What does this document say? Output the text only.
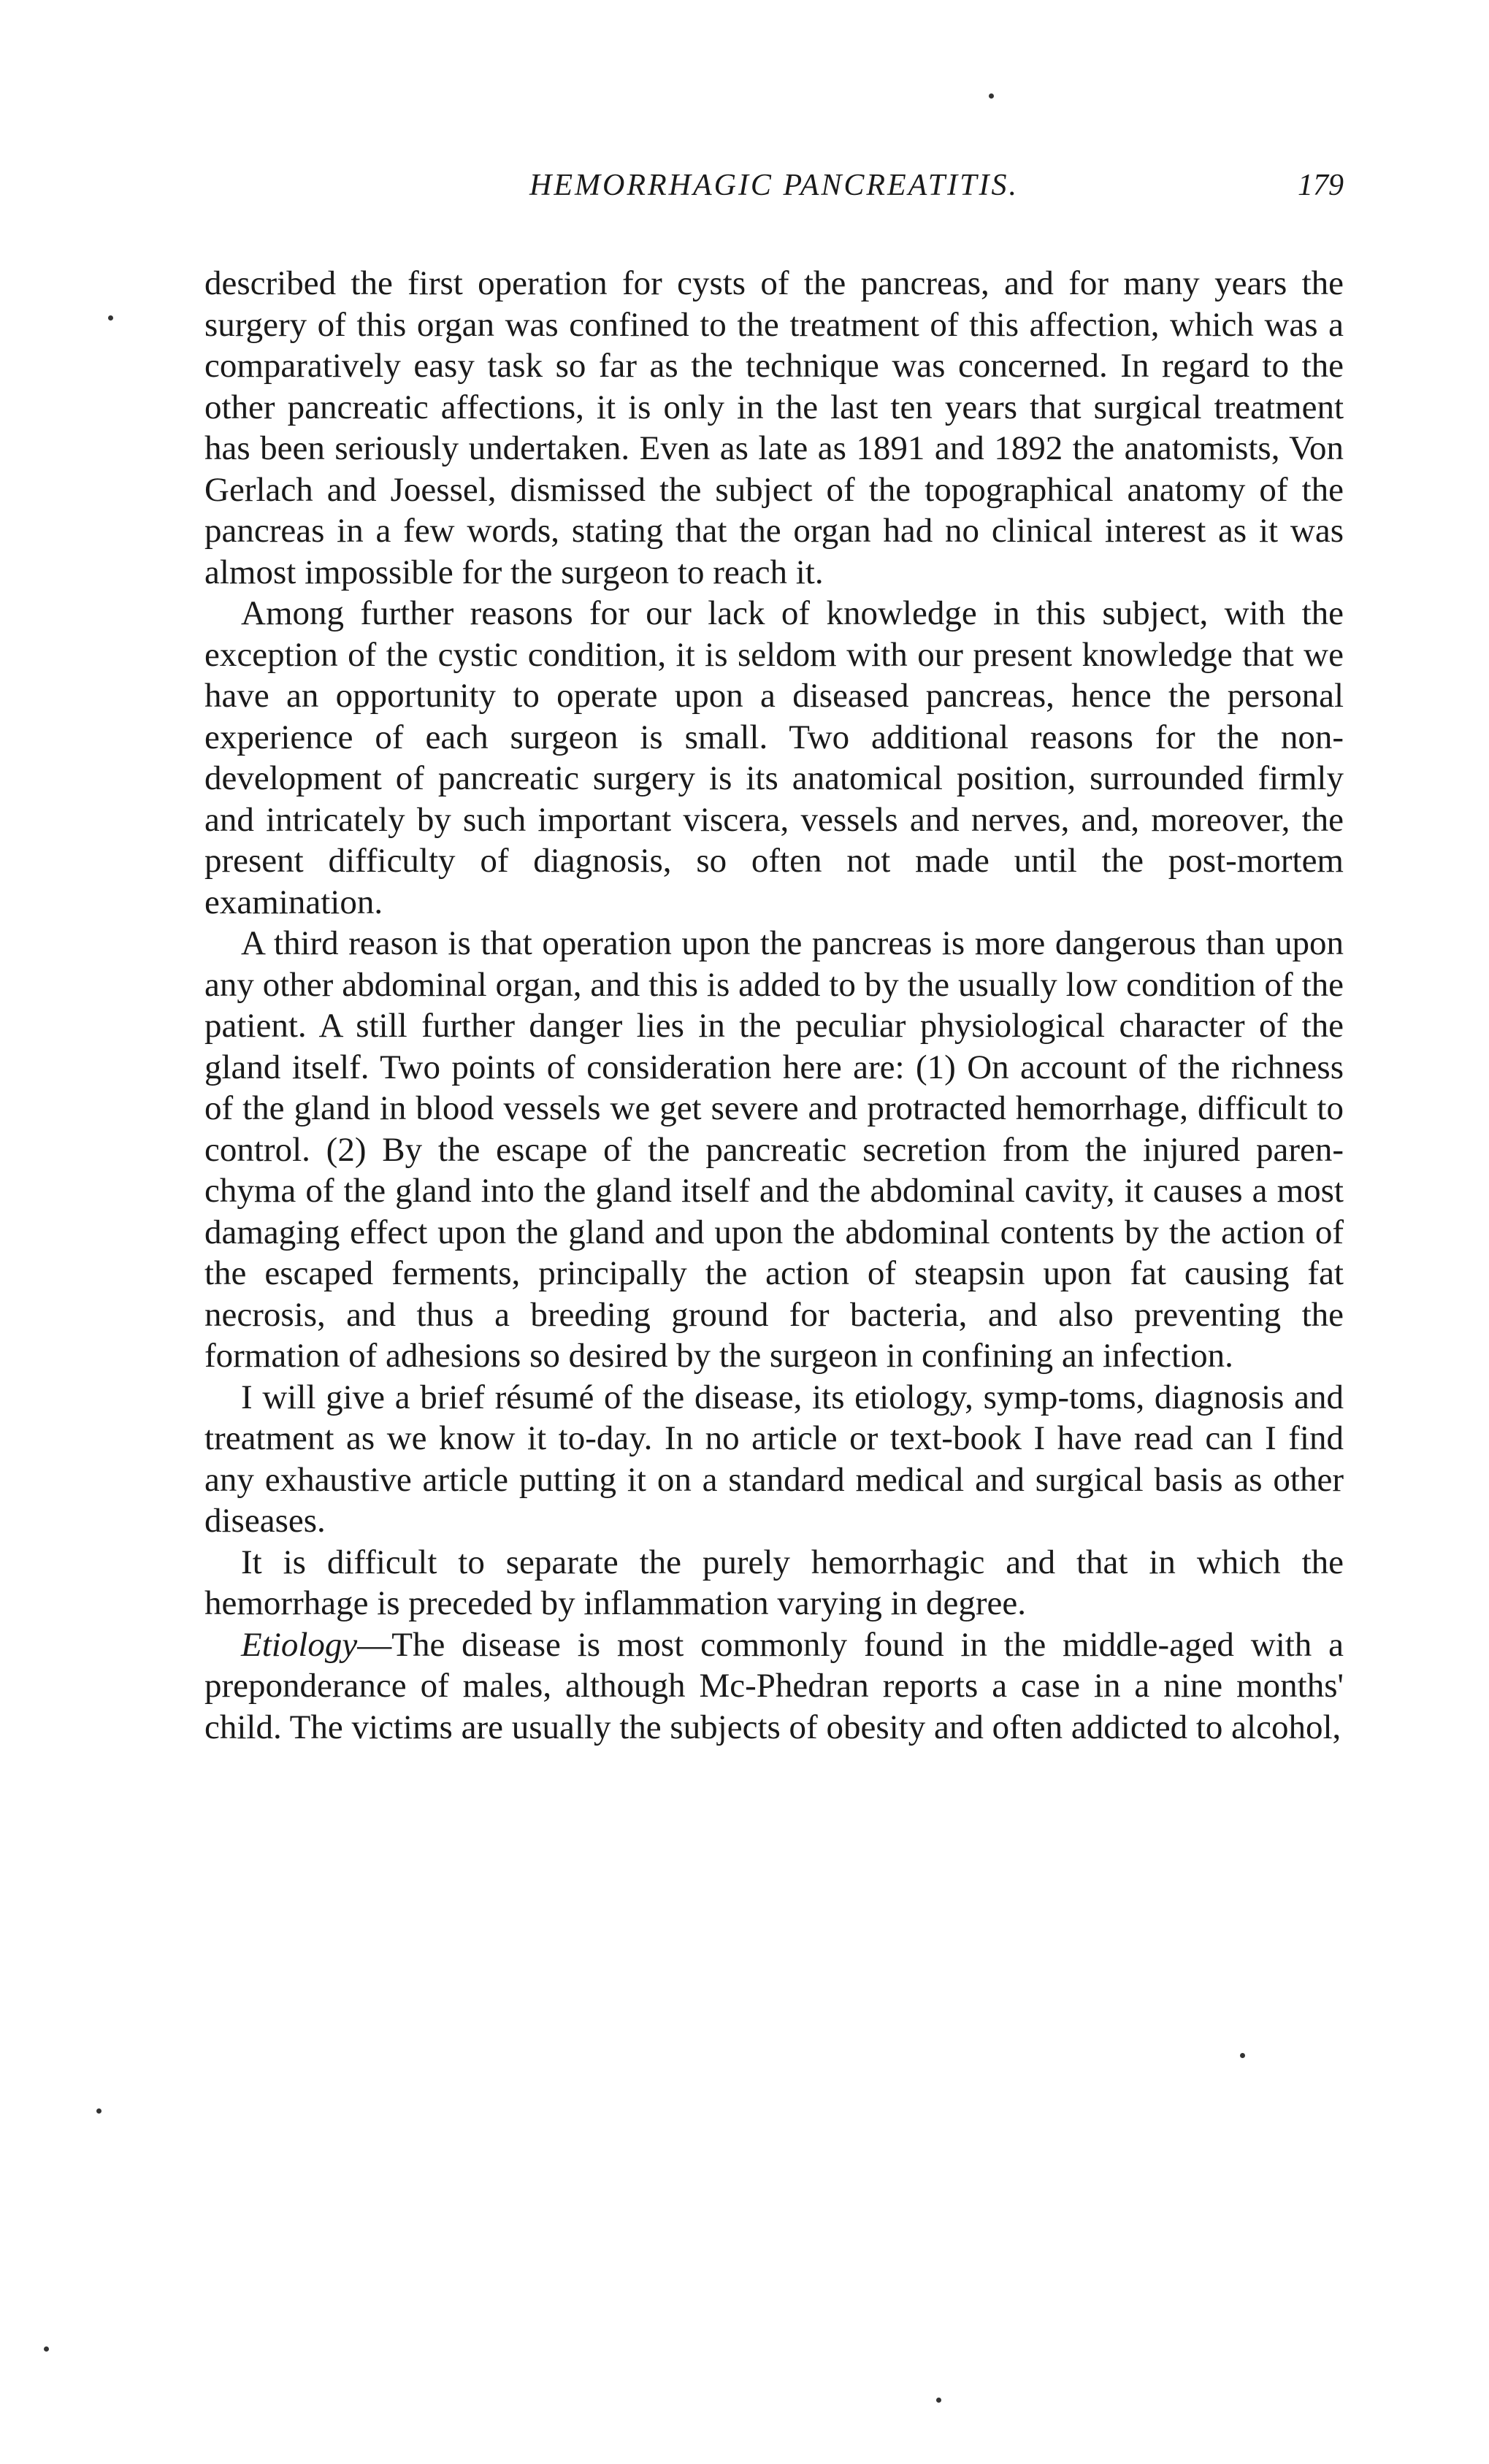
HEMORRHAGIC PANCREATITIS.	179

described the first operation for cysts of the pancreas, and for many years the surgery of this organ was confined to the treatment of this affection, which was a comparatively easy task so far as the technique was concerned. In regard to the other pancreatic affections, it is only in the last ten years that surgical treatment has been seriously undertaken. Even as late as 1891 and 1892 the anatomists, Von Gerlach and Joessel, dismissed the subject of the topographical anatomy of the pancreas in a few words, stating that the organ had no clinical interest as it was almost impossible for the surgeon to reach it.

Among further reasons for our lack of knowledge in this subject, with the exception of the cystic condition, it is seldom with our present knowledge that we have an opportunity to operate upon a diseased pancreas, hence the personal experience of each surgeon is small. Two additional reasons for the non-development of pancreatic surgery is its anatomical position, surrounded firmly and intricately by such important viscera, vessels and nerves, and, moreover, the present difficulty of diagnosis, so often not made until the post-mortem examination.

A third reason is that operation upon the pancreas is more dangerous than upon any other abdominal organ, and this is added to by the usually low condition of the patient. A still further danger lies in the peculiar physiological character of the gland itself. Two points of consideration here are: (1) On account of the richness of the gland in blood vessels we get severe and protracted hemorrhage, difficult to control. (2) By the escape of the pancreatic secretion from the injured paren-chyma of the gland into the gland itself and the abdominal cavity, it causes a most damaging effect upon the gland and upon the abdominal contents by the action of the escaped ferments, principally the action of steapsin upon fat causing fat necrosis, and thus a breeding ground for bacteria, and also preventing the formation of adhesions so desired by the surgeon in confining an infection.

I will give a brief résumé of the disease, its etiology, symp-toms, diagnosis and treatment as we know it to-day. In no article or text-book I have read can I find any exhaustive article putting it on a standard medical and surgical basis as other diseases.

It is difficult to separate the purely hemorrhagic and that in which the hemorrhage is preceded by inflammation varying in degree.

Etiology—The disease is most commonly found in the middle-aged with a preponderance of males, although Mc-Phedran reports a case in a nine months' child. The victims are usually the subjects of obesity and often addicted to alcohol,
